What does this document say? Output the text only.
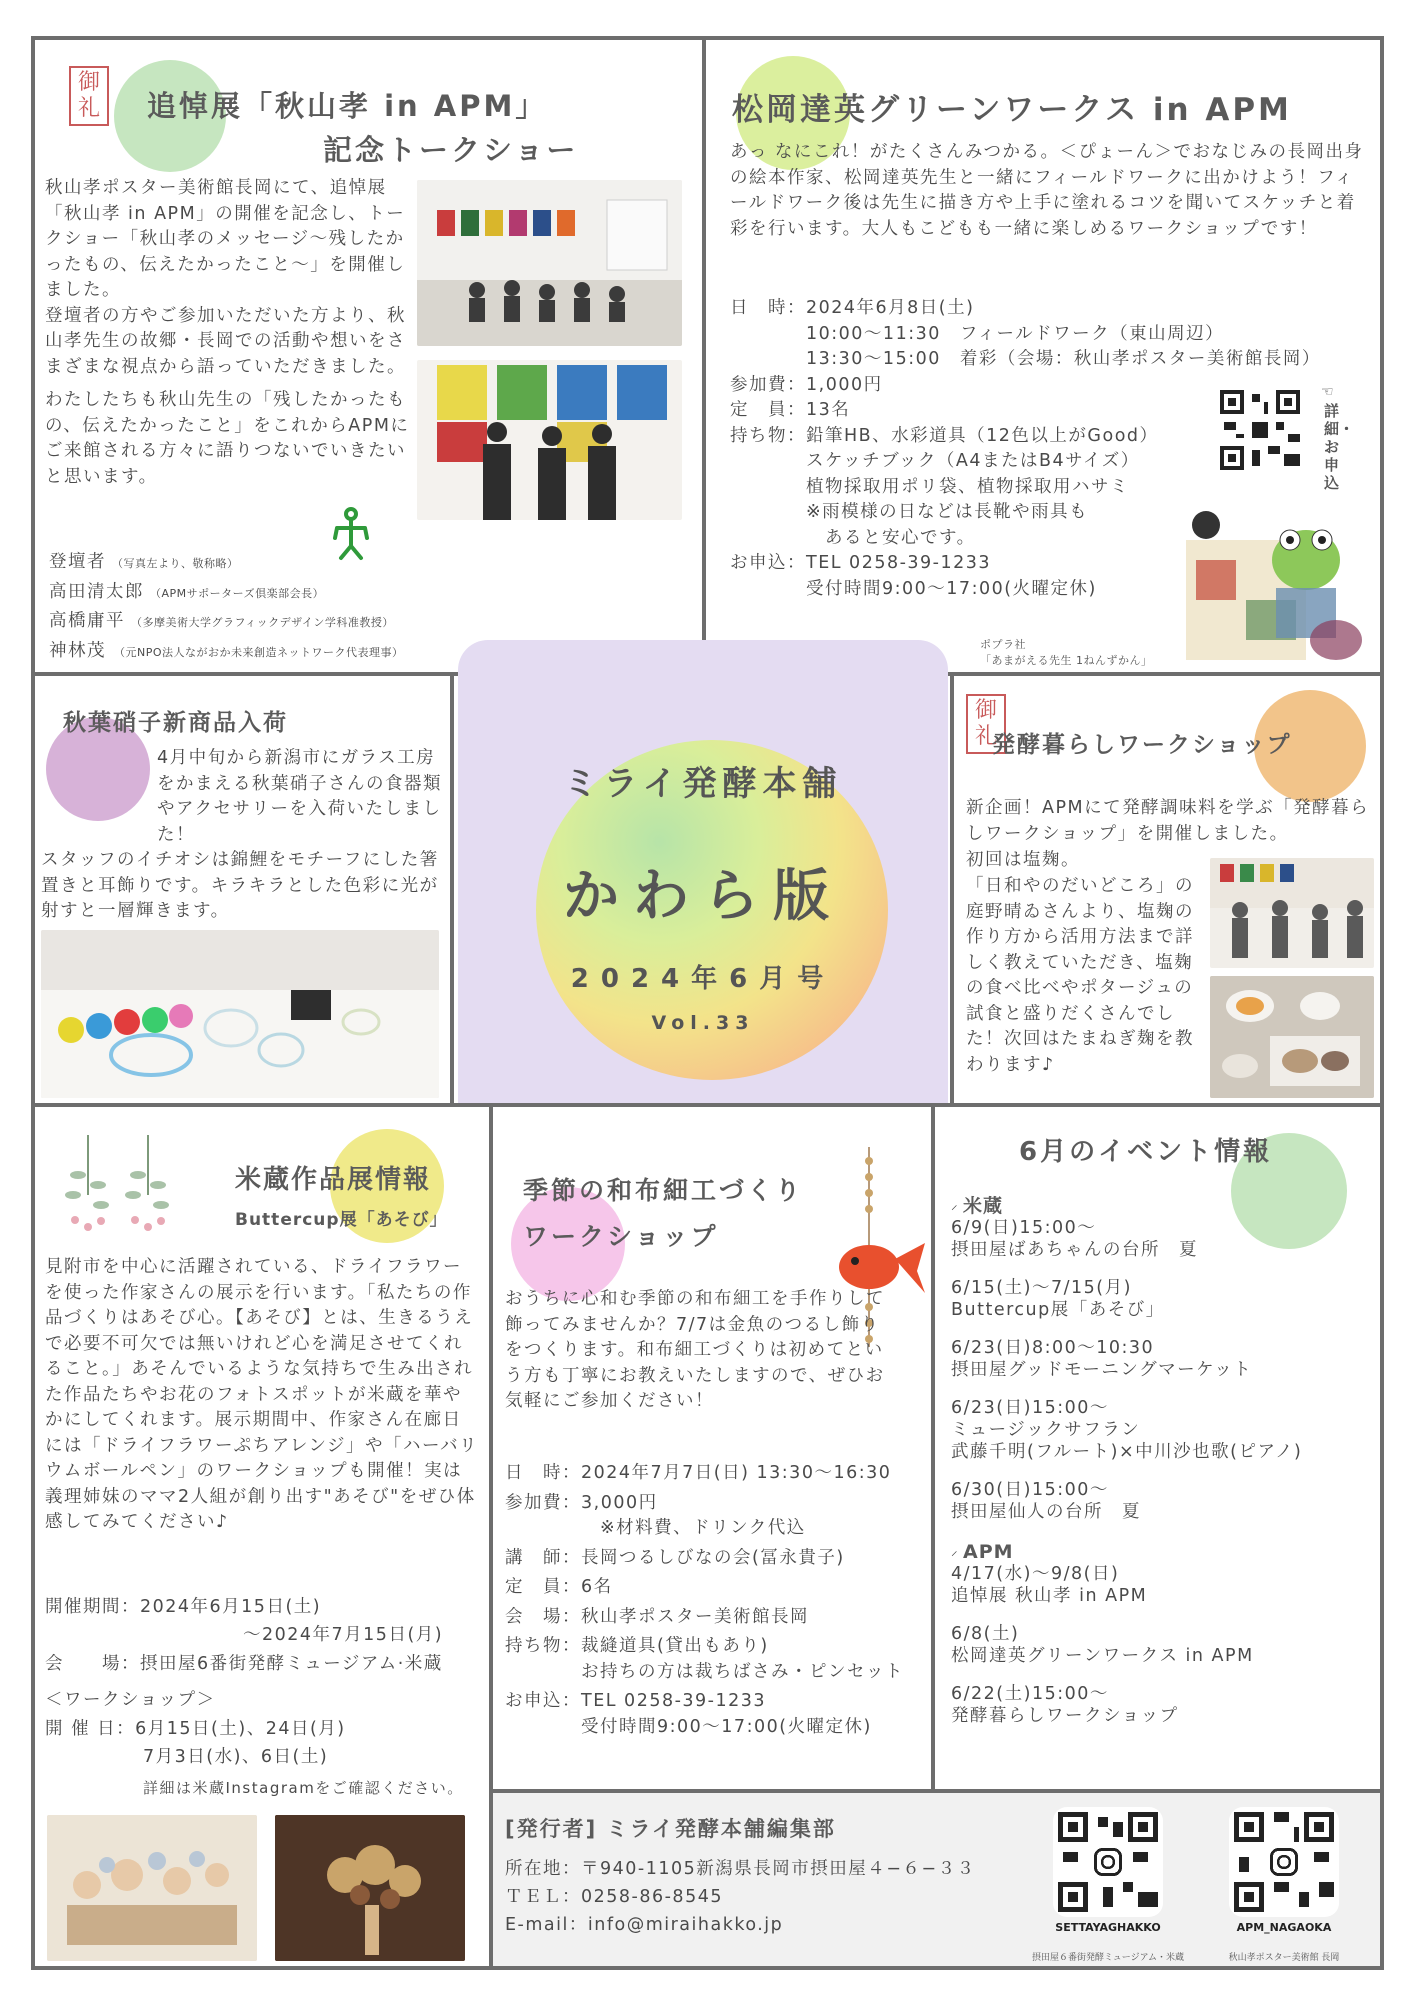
御礼	追悼展「秋山孝 in APM」
記念トークショー

秋山孝ポスター美術館長岡にて、追悼展「秋山孝 in APM」の開催を記念し、トークショー「秋山孝のメッセージ～残したかったもの、伝えたかったこと～」を開催しました。

登壇者の方やご参加いただいた方より、秋山孝先生の故郷・長岡での活動や想いをさまざまな視点から語っていただきました。

わたしたちも秋山先生の「残したかったもの、伝えたかったこと」をこれからAPMにご来館される方々に語りつないでいきたいと思います。

登壇者 （写真左より、敬称略）
高田清太郎 （APMサポーターズ倶楽部会長）
高橋庸平 （多摩美術大学グラフィックデザイン学科准教授）
神林茂 （元NPO法人ながおか未来創造ネットワーク代表理事）
松岡達英グリーンワークス in APM
あっ なにこれ！がたくさんみつかる。＜ぴょーん＞でおなじみの長岡出身の絵本作家、松岡達英先生と一緒にフィールドワークに出かけよう！フィールドワーク後は先生に描き方や上手に塗れるコツを聞いてスケッチと着彩を行います。大人もこどもも一緒に楽しめるワークショップです！
日　時： 2024年6月8日(土)
10:00～11:30　フィールドワーク（東山周辺）
13:30～15:00　着彩（会場：秋山孝ポスター美術館長岡）
参加費： 1,000円
定　員： 13名
持ち物： 鉛筆HB、水彩道具（12色以上がGood）
スケッチブック（A4またはB4サイズ）
植物採取用ポリ袋、植物採取用ハサミ
※雨模様の日などは長靴や雨具も
　あると安心です。
お申込： TEL 0258-39-1233
受付時間9:00～17:00(火曜定休)
☜
詳細・お申込
ポプラ社
「あまがえる先生 1ねんずかん」
秋葉硝子新商品入荷
4月中旬から新潟市にガラス工房をかまえる秋葉硝子さんの食器類やアクセサリーを入荷いたしました！
スタッフのイチオシは錦鯉をモチーフにした箸置きと耳飾りです。キラキラとした色彩に光が射すと一層輝きます。
御礼
発酵暮らしワークショップ
新企画！APMにて発酵調味料を学ぶ「発酵暮らしワークショップ」を開催しました。
初回は塩麹。
「日和やのだいどころ」の庭野晴ゐさんより、塩麹の作り方から活用方法まで詳しく教えていただき、塩麹の食べ比べやポタージュの試食と盛りだくさんでした！次回はたまねぎ麹を教わります♪
ミライ発酵本舗
かわら版
2024年6月号
Vol.33
米蔵作品展情報
Buttercup展「あそび」
見附市を中心に活躍されている、ドライフラワーを使った作家さんの展示を行います。「私たちの作品づくりはあそび心。【あそび】とは、生きるうえで必要不可欠では無いけれど心を満足させてくれること。」あそんでいるような気持ちで生み出された作品たちやお花のフォトスポットが米蔵を華やかにしてくれます。展示期間中、作家さん在廊日には「ドライフラワーぷちアレンジ」や「ハーバリウムボールペン」のワークショップも開催！実は義理姉妹のママ2人組が創り出す"あそび"をぜひ体感してみてください♪
開催期間： 2024年6月15日(土)
～2024年7月15日(月)
会　　場： 摂田屋6番街発酵ミュージアム·米蔵
＜ワークショップ＞
開 催 日： 6月15日(土)、24日(月)
7月3日(水)、6日(土)
詳細は米蔵Instagramをご確認ください。
季節の和布細工づくり
ワークショップ
おうちに心和む季節の和布細工を手作りして飾ってみませんか？7/7は金魚のつるし飾りをつくります。和布細工づくりは初めてという方も丁寧にお教えいたしますので、ぜひお気軽にご参加ください！
日　時： 2024年7月7日(日) 13:30～16:30
参加費： 3,000円
　※材料費、ドリンク代込
講　師： 長岡つるしびなの会(冨永貴子)
定　員： 6名
会　場： 秋山孝ポスター美術館長岡
持ち物： 裁縫道具(貸出もあり)
お持ちの方は裁ちばさみ・ピンセット
お申込： TEL 0258-39-1233
受付時間9:00～17:00(火曜定休)
6月のイベント情報
⸝ 米蔵
6/9(日)15:00～
摂田屋ばあちゃんの台所　夏
6/15(土)～7/15(月)
Buttercup展「あそび」
6/23(日)8:00～10:30
摂田屋グッドモーニングマーケット
6/23(日)15:00～
ミュージックサフラン
武藤千明(フルート)×中川沙也歌(ピアノ)
6/30(日)15:00～
摂田屋仙人の台所　夏
⸝ APM
4/17(水)～9/8(日)
追悼展 秋山孝 in APM
6/8(土)
松岡達英グリーンワークス in APM
6/22(土)15:00～
発酵暮らしワークショップ
[発行者] ミライ発酵本舗編集部
所在地： 〒940-1105新潟県長岡市摂田屋４−６−３３
ＴＥＬ： 0258-86-8545
E-mail： info@miraihakko.jp	SETTAYAGHAKKO
摂田屋６番街発酵ミュージアム・米蔵
APM_NAGAOKA
秋山孝ポスター美術館 長岡
